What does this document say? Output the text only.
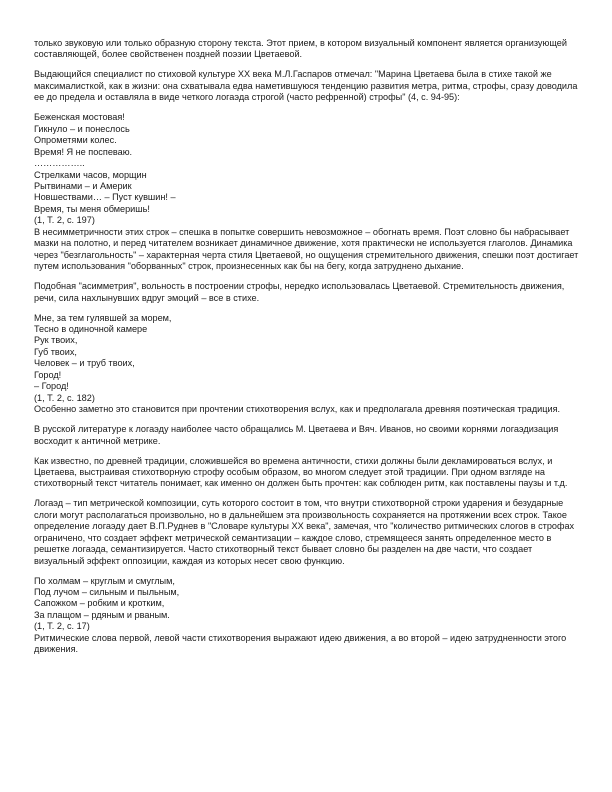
только звуковую или только образную сторону текста. Этот прием, в котором визуальный компонент является организующей составляющей, более свойственен поздней поэзии Цветаевой.

Выдающийся специалист по стиховой культуре ХХ века М.Л.Гаспаров отмечал: "Марина Цветаева была в стихе такой же максималисткой, как в жизни: она схватывала едва наметившуюся тенденцию развития метра, ритма, строфы, сразу доводила ее до предела и оставляла в виде четкого логаэда строгой (часто рефренной) строфы" (4, с. 94-95):

Беженская мостовая!
Гикнуло – и понеслось
Опрометями колес.
Время! Я не поспеваю.
……………..
Стрелками часов, морщин
Рытвинами – и Америк
Новшествами… – Пуст кувшин! –
Время, ты меня обмеришь!
(1, Т. 2, с. 197)

В несимметричности этих строк – спешка в попытке совершить невозможное – обогнать время. Поэт словно бы набрасывает мазки на полотно, и перед читателем возникает динамичное движение, хотя практически не используется глаголов. Динамика через "безглагольность" – характерная черта стиля Цветаевой, но ощущения стремительного движения, спешки поэт достигает путем использования "оборванных" строк, произнесенных как бы на бегу, когда затруднено дыхание.

Подобная "асимметрия", вольность в построении строфы, нередко использовалась Цветаевой. Стремительность движения, речи, сила нахлынувших вдруг эмоций – все в стихе.

Мне, за тем гулявшей за морем,
Тесно в одиночной камере
Рук твоих,
Губ твоих,
Человек – и труб твоих,
Город!
– Город!
(1, Т. 2, с. 182)

Особенно заметно это становится при прочтении стихотворения вслух, как и предполагала древняя поэтическая традиция.

В русской литературе к логаэду наиболее часто обращались М. Цветаева и Вяч. Иванов, но своими корнями логаэдизация восходит к античной метрике.

Как известно, по древней традиции, сложившейся во времена античности, стихи должны были декламироваться вслух, и Цветаева, выстраивая стихотворную строфу особым образом, во многом следует этой традиции. При одном взгляде на стихотворный текст читатель понимает, как именно он должен быть прочтен: как соблюден ритм, как поставлены паузы и т.д.

Логаэд – тип метрической композиции, суть которого состоит в том, что внутри стихотворной строки ударения и безударные слоги могут располагаться произвольно, но в дальнейшем эта произвольность сохраняется на протяжении всех строк. Такое определение логаэду дает В.П.Руднев в "Словаре культуры ХХ века", замечая, что "количество ритмических слогов в строфах ограничено, что создает эффект метрической семантизации – каждое слово, стремящееся занять определенное место в решетке логаэда, семантизируется. Часто стихотворный текст бывает словно бы разделен на две части, что создает визуальный эффект оппозиции, каждая из которых несет свою функцию.

По холмам – круглым и смуглым,
Под лучом – сильным и пыльным,
Сапожком – робким и кротким,
За плащом – рдяным и рваным.
(1, Т. 2, с. 17)

Ритмические слова первой, левой части стихотворения выражают идею движения, а во второй – идею затрудненности этого движения.
